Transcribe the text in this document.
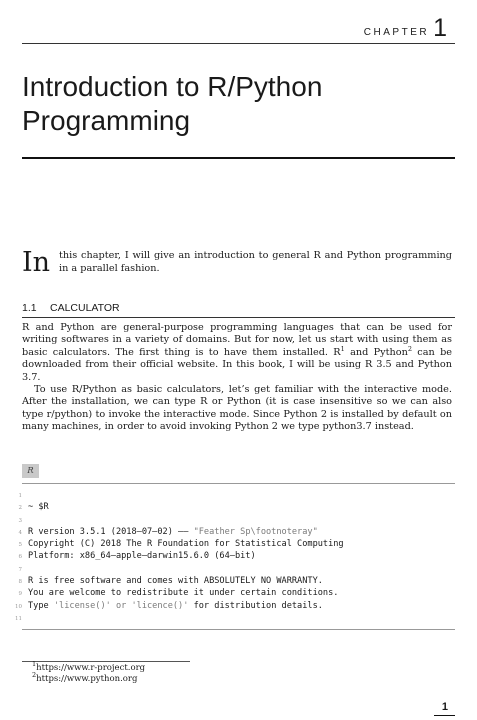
CHAPTER 1
Introduction to R/Python
Programming
In this chapter, I will give an introduction to general R and Python programming in a parallel fashion.
1.1 CALCULATOR

R and Python are general-purpose programming languages that can be used for writing softwares in a variety of domains. But for now, let us start with using them as basic calculators. The first thing is to have them installed. $R^1$ and Python$^2$ can be downloaded from their official website. In this book, I will be using R 3.5 and Python 3.7.

To use R/Python as basic calculators, let’s get familiar with the interactive mode. After the installation, we can type R or Python (it is case insensitive so we can also type r/python) to invoke the interactive mode. Since Python 2 is installed by default on many machines, in order to avoid invoking Python 2 we type python3.7 instead.

R
1
2 ~ $R
3
4 R version 3.5.1 (2018—07—02) —— "Feather Sp\footnoteray"
5 Copyright (C) 2018 The R Foundation for Statistical Computing
6 Platform: x86_64—apple—darwin15.6.0 (64—bit)
7
8 R is free software and comes with ABSOLUTELY NO WARRANTY.
9 You are welcome to redistribute it under certain conditions.
10 Type 'license()' or 'licence()' for distribution details.
11
$^1$https://www.r-project.org
$^2$https://www.python.org
1
